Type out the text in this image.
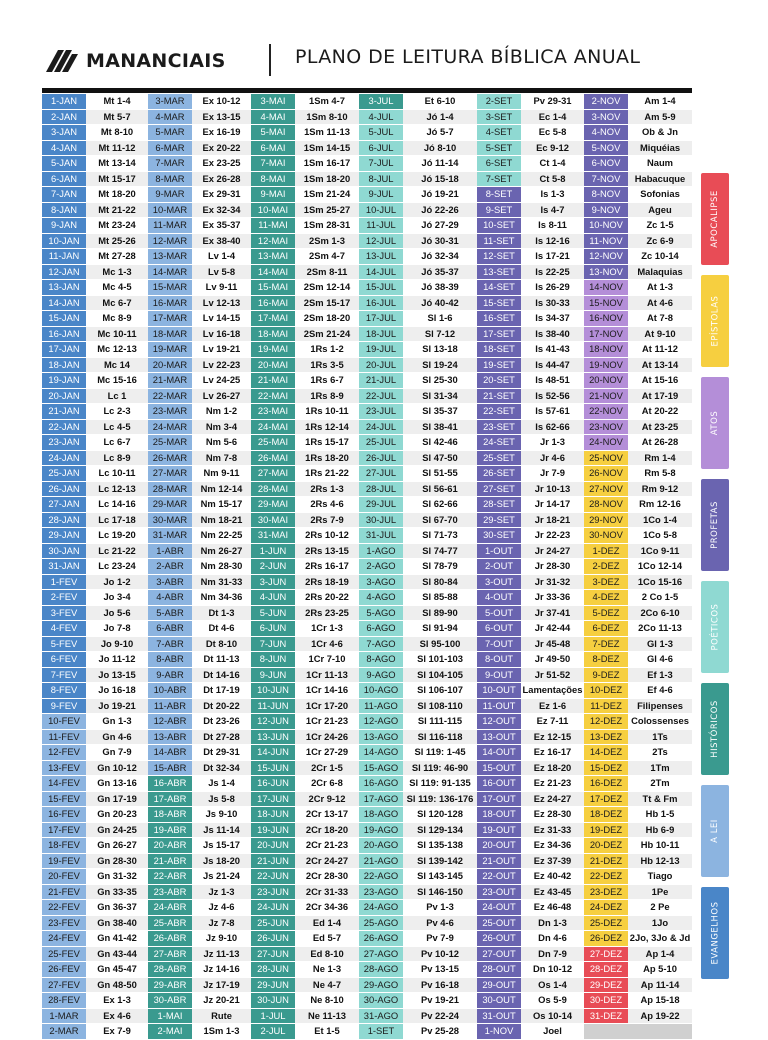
MANANCIAIS	PLANO DE LEITURA BÍBLICA ANUAL
1-JAN	Mt 1-4	3-MAR	Ex 10-12	3-MAI	1Sm 4-7	3-JUL	Et 6-10	2-SET	Pv 29-31	2-NOV	Am 1-4
2-JAN	Mt 5-7	4-MAR	Ex 13-15	4-MAI	1Sm 8-10	4-JUL	Jó 1-4	3-SET	Ec 1-4	3-NOV	Am 5-9
3-JAN	Mt 8-10	5-MAR	Ex 16-19	5-MAI	1Sm 11-13	5-JUL	Jó 5-7	4-SET	Ec 5-8	4-NOV	Ob & Jn
4-JAN	Mt 11-12	6-MAR	Ex 20-22	6-MAI	1Sm 14-15	6-JUL	Jó 8-10	5-SET	Ec 9-12	5-NOV	Miquéias
5-JAN	Mt 13-14	7-MAR	Ex 23-25	7-MAI	1Sm 16-17	7-JUL	Jó 11-14	6-SET	Ct 1-4	6-NOV	Naum
6-JAN	Mt 15-17	8-MAR	Ex 26-28	8-MAI	1Sm 18-20	8-JUL	Jó 15-18	7-SET	Ct 5-8	7-NOV	Habacuque
7-JAN	Mt 18-20	9-MAR	Ex 29-31	9-MAI	1Sm 21-24	9-JUL	Jó 19-21	8-SET	Is 1-3	8-NOV	Sofonias
8-JAN	Mt 21-22	10-MAR	Ex 32-34	10-MAI	1Sm 25-27	10-JUL	Jó 22-26	9-SET	Is 4-7	9-NOV	Ageu
9-JAN	Mt 23-24	11-MAR	Ex 35-37	11-MAI	1Sm 28-31	11-JUL	Jó 27-29	10-SET	Is 8-11	10-NOV	Zc 1-5
10-JAN	Mt 25-26	12-MAR	Ex 38-40	12-MAI	2Sm 1-3	12-JUL	Jó 30-31	11-SET	Is 12-16	11-NOV	Zc 6-9
11-JAN	Mt 27-28	13-MAR	Lv 1-4	13-MAI	2Sm 4-7	13-JUL	Jó 32-34	12-SET	Is 17-21	12-NOV	Zc 10-14
12-JAN	Mc 1-3	14-MAR	Lv 5-8	14-MAI	2Sm 8-11	14-JUL	Jó 35-37	13-SET	Is 22-25	13-NOV	Malaquias
13-JAN	Mc 4-5	15-MAR	Lv 9-11	15-MAI	2Sm 12-14	15-JUL	Jó 38-39	14-SET	Is 26-29	14-NOV	At 1-3
14-JAN	Mc 6-7	16-MAR	Lv 12-13	16-MAI	2Sm 15-17	16-JUL	Jó 40-42	15-SET	Is 30-33	15-NOV	At 4-6
15-JAN	Mc 8-9	17-MAR	Lv 14-15	17-MAI	2Sm 18-20	17-JUL	Sl 1-6	16-SET	Is 34-37	16-NOV	At 7-8
16-JAN	Mc 10-11	18-MAR	Lv 16-18	18-MAI	2Sm 21-24	18-JUL	Sl 7-12	17-SET	Is 38-40	17-NOV	At 9-10
17-JAN	Mc 12-13	19-MAR	Lv 19-21	19-MAI	1Rs 1-2	19-JUL	Sl 13-18	18-SET	Is 41-43	18-NOV	At 11-12
18-JAN	Mc 14	20-MAR	Lv 22-23	20-MAI	1Rs 3-5	20-JUL	Sl 19-24	19-SET	Is 44-47	19-NOV	At 13-14
19-JAN	Mc 15-16	21-MAR	Lv 24-25	21-MAI	1Rs 6-7	21-JUL	Sl 25-30	20-SET	Is 48-51	20-NOV	At 15-16
20-JAN	Lc 1	22-MAR	Lv 26-27	22-MAI	1Rs 8-9	22-JUL	Sl 31-34	21-SET	Is 52-56	21-NOV	At 17-19
21-JAN	Lc 2-3	23-MAR	Nm 1-2	23-MAI	1Rs 10-11	23-JUL	Sl 35-37	22-SET	Is 57-61	22-NOV	At 20-22
22-JAN	Lc 4-5	24-MAR	Nm 3-4	24-MAI	1Rs 12-14	24-JUL	Sl 38-41	23-SET	Is 62-66	23-NOV	At 23-25
23-JAN	Lc 6-7	25-MAR	Nm 5-6	25-MAI	1Rs 15-17	25-JUL	Sl 42-46	24-SET	Jr 1-3	24-NOV	At 26-28
24-JAN	Lc 8-9	26-MAR	Nm 7-8	26-MAI	1Rs 18-20	26-JUL	Sl 47-50	25-SET	Jr 4-6	25-NOV	Rm 1-4
25-JAN	Lc 10-11	27-MAR	Nm 9-11	27-MAI	1Rs 21-22	27-JUL	Sl 51-55	26-SET	Jr 7-9	26-NOV	Rm 5-8
26-JAN	Lc 12-13	28-MAR	Nm 12-14	28-MAI	2Rs 1-3	28-JUL	Sl 56-61	27-SET	Jr 10-13	27-NOV	Rm 9-12
27-JAN	Lc 14-16	29-MAR	Nm 15-17	29-MAI	2Rs 4-6	29-JUL	Sl 62-66	28-SET	Jr 14-17	28-NOV	Rm 12-16
28-JAN	Lc 17-18	30-MAR	Nm 18-21	30-MAI	2Rs 7-9	30-JUL	Sl 67-70	29-SET	Jr 18-21	29-NOV	1Co 1-4
29-JAN	Lc 19-20	31-MAR	Nm 22-25	31-MAI	2Rs 10-12	31-JUL	Sl 71-73	30-SET	Jr 22-23	30-NOV	1Co 5-8
30-JAN	Lc 21-22	1-ABR	Nm 26-27	1-JUN	2Rs 13-15	1-AGO	Sl 74-77	1-OUT	Jr 24-27	1-DEZ	1Co 9-11
31-JAN	Lc 23-24	2-ABR	Nm 28-30	2-JUN	2Rs 16-17	2-AGO	Sl 78-79	2-OUT	Jr 28-30	2-DEZ	1Co 12-14
1-FEV	Jo 1-2	3-ABR	Nm 31-33	3-JUN	2Rs 18-19	3-AGO	Sl 80-84	3-OUT	Jr 31-32	3-DEZ	1Co 15-16
2-FEV	Jo 3-4	4-ABR	Nm 34-36	4-JUN	2Rs 20-22	4-AGO	Sl 85-88	4-OUT	Jr 33-36	4-DEZ	2 Co 1-5
3-FEV	Jo 5-6	5-ABR	Dt 1-3	5-JUN	2Rs 23-25	5-AGO	Sl 89-90	5-OUT	Jr 37-41	5-DEZ	2Co 6-10
4-FEV	Jo 7-8	6-ABR	Dt 4-6	6-JUN	1Cr 1-3	6-AGO	Sl 91-94	6-OUT	Jr 42-44	6-DEZ	2Co 11-13
5-FEV	Jo 9-10	7-ABR	Dt 8-10	7-JUN	1Cr 4-6	7-AGO	Sl 95-100	7-OUT	Jr 45-48	7-DEZ	Gl 1-3
6-FEV	Jo 11-12	8-ABR	Dt 11-13	8-JUN	1Cr 7-10	8-AGO	Sl 101-103	8-OUT	Jr 49-50	8-DEZ	Gl 4-6
7-FEV	Jo 13-15	9-ABR	Dt 14-16	9-JUN	1Cr 11-13	9-AGO	Sl 104-105	9-OUT	Jr 51-52	9-DEZ	Ef 1-3
8-FEV	Jo 16-18	10-ABR	Dt 17-19	10-JUN	1Cr 14-16	10-AGO	Sl 106-107	10-OUT	Lamentações	10-DEZ	Ef 4-6
9-FEV	Jo 19-21	11-ABR	Dt 20-22	11-JUN	1Cr 17-20	11-AGO	Sl 108-110	11-OUT	Ez 1-6	11-DEZ	Filipenses
10-FEV	Gn 1-3	12-ABR	Dt 23-26	12-JUN	1Cr 21-23	12-AGO	Sl 111-115	12-OUT	Ez 7-11	12-DEZ	Colossenses
11-FEV	Gn 4-6	13-ABR	Dt 27-28	13-JUN	1Cr 24-26	13-AGO	Sl 116-118	13-OUT	Ez 12-15	13-DEZ	1Ts
12-FEV	Gn 7-9	14-ABR	Dt 29-31	14-JUN	1Cr 27-29	14-AGO	Sl 119: 1-45	14-OUT	Ez 16-17	14-DEZ	2Ts
13-FEV	Gn 10-12	15-ABR	Dt 32-34	15-JUN	2Cr 1-5	15-AGO	Sl 119: 46-90	15-OUT	Ez 18-20	15-DEZ	1Tm
14-FEV	Gn 13-16	16-ABR	Js 1-4	16-JUN	2Cr 6-8	16-AGO	Sl 119: 91-135	16-OUT	Ez 21-23	16-DEZ	2Tm
15-FEV	Gn 17-19	17-ABR	Js 5-8	17-JUN	2Cr 9-12	17-AGO	Sl 119: 136-176	17-OUT	Ez 24-27	17-DEZ	Tt & Fm
16-FEV	Gn 20-23	18-ABR	Js 9-10	18-JUN	2Cr 13-17	18-AGO	Sl 120-128	18-OUT	Ez 28-30	18-DEZ	Hb 1-5
17-FEV	Gn 24-25	19-ABR	Js 11-14	19-JUN	2Cr 18-20	19-AGO	Sl 129-134	19-OUT	Ez 31-33	19-DEZ	Hb 6-9
18-FEV	Gn 26-27	20-ABR	Js 15-17	20-JUN	2Cr 21-23	20-AGO	Sl 135-138	20-OUT	Ez 34-36	20-DEZ	Hb 10-11
19-FEV	Gn 28-30	21-ABR	Js 18-20	21-JUN	2Cr 24-27	21-AGO	Sl 139-142	21-OUT	Ez 37-39	21-DEZ	Hb 12-13
20-FEV	Gn 31-32	22-ABR	Js 21-24	22-JUN	2Cr 28-30	22-AGO	Sl 143-145	22-OUT	Ez 40-42	22-DEZ	Tiago
21-FEV	Gn 33-35	23-ABR	Jz 1-3	23-JUN	2Cr 31-33	23-AGO	Sl 146-150	23-OUT	Ez 43-45	23-DEZ	1Pe
22-FEV	Gn 36-37	24-ABR	Jz 4-6	24-JUN	2Cr 34-36	24-AGO	Pv 1-3	24-OUT	Ez 46-48	24-DEZ	2 Pe
23-FEV	Gn 38-40	25-ABR	Jz 7-8	25-JUN	Ed 1-4	25-AGO	Pv 4-6	25-OUT	Dn 1-3	25-DEZ	1Jo
24-FEV	Gn 41-42	26-ABR	Jz 9-10	26-JUN	Ed 5-7	26-AGO	Pv 7-9	26-OUT	Dn 4-6	26-DEZ	2Jo, 3Jo & Jd
25-FEV	Gn 43-44	27-ABR	Jz 11-13	27-JUN	Ed 8-10	27-AGO	Pv 10-12	27-OUT	Dn 7-9	27-DEZ	Ap 1-4
26-FEV	Gn 45-47	28-ABR	Jz 14-16	28-JUN	Ne 1-3	28-AGO	Pv 13-15	28-OUT	Dn 10-12	28-DEZ	Ap 5-10
27-FEV	Gn 48-50	29-ABR	Jz 17-19	29-JUN	Ne 4-7	29-AGO	Pv 16-18	29-OUT	Os 1-4	29-DEZ	Ap 11-14
28-FEV	Ex 1-3	30-ABR	Jz 20-21	30-JUN	Ne 8-10	30-AGO	Pv 19-21	30-OUT	Os 5-9	30-DEZ	Ap 15-18
1-MAR	Ex 4-6	1-MAI	Rute	1-JUL	Ne 11-13	31-AGO	Pv 22-24	31-OUT	Os 10-14	31-DEZ	Ap 19-22
2-MAR	Ex 7-9	2-MAI	1Sm 1-3	2-JUL	Et 1-5	1-SET	Pv 25-28	1-NOV	Joel		
APOCALIPSE
EPÍSTOLAS
ATOS
PROFETAS
POÉTICOS
HISTÓRICOS
A LEI
EVANGELHOS
